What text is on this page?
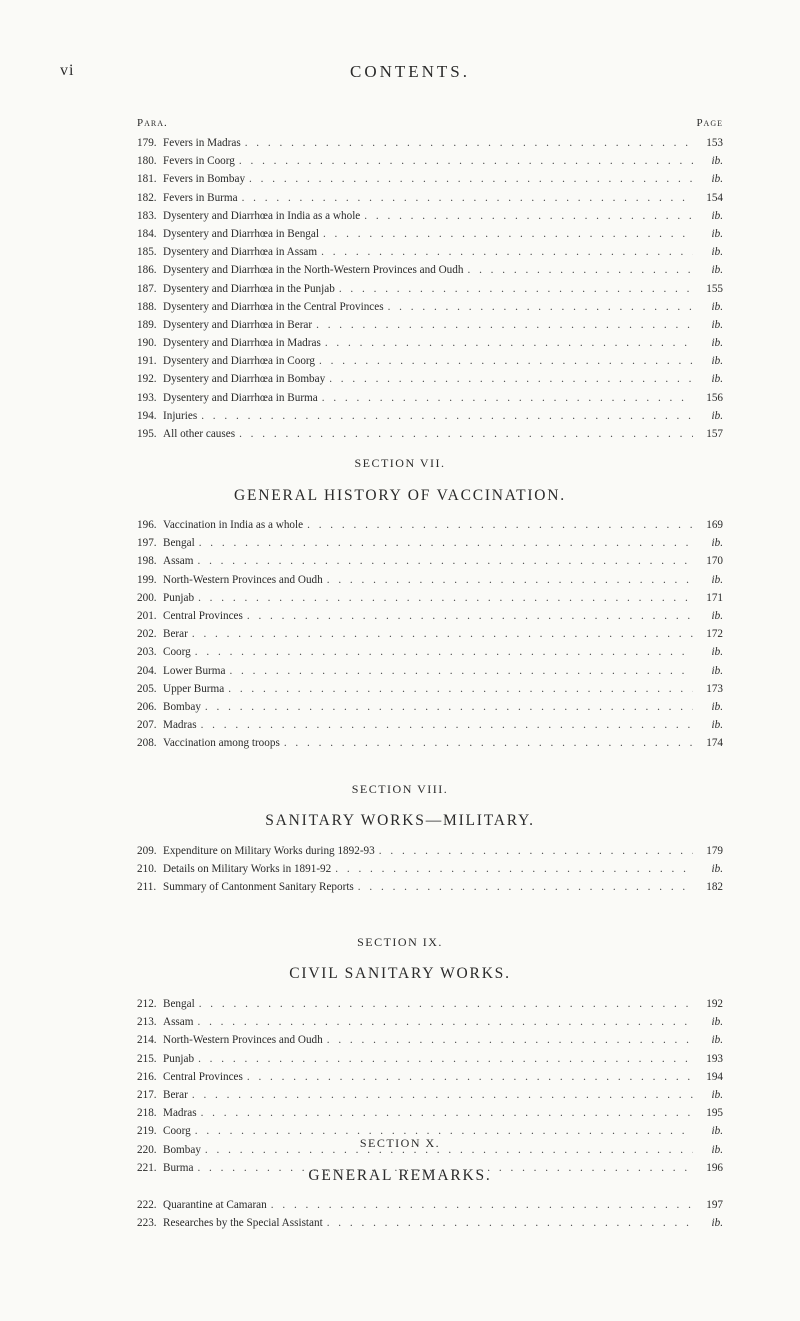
vi	CONTENTS.
Para.	Page
179. Fevers in Madras . . .	153
180. Fevers in Coorg . . .	ib.
181. Fevers in Bombay . . .	ib.
182. Fevers in Burma . . .	154
183. Dysentery and Diarrhœa in India as a whole . . .	ib.
184. Dysentery and Diarrhœa in Bengal . . .	ib.
185. Dysentery and Diarrhœa in Assam . . .	ib.
186. Dysentery and Diarrhœa in the North-Western Provinces and Oudh . . .	ib.
187. Dysentery and Diarrhœa in the Punjab . . .	155
188. Dysentery and Diarrhœa in the Central Provinces . . .	ib.
189. Dysentery and Diarrhœa in Berar . . .	ib.
190. Dysentery and Diarrhœa in Madras . . .	ib.
191. Dysentery and Diarrhœa in Coorg . . .	ib.
192. Dysentery and Diarrhœa in Bombay . . .	ib.
193. Dysentery and Diarrhœa in Burma . . .	156
194. Injuries . . .	ib.
195. All other causes . . .	157
SECTION VII.
GENERAL HISTORY OF VACCINATION.
196. Vaccination in India as a whole . . .	169
197. Bengal . . .	ib.
198. Assam . . .	170
199. North-Western Provinces and Oudh . . .	ib.
200. Punjab . . .	171
201. Central Provinces . . .	ib.
202. Berar . . .	172
203. Coorg . . .	ib.
204. Lower Burma . . .	ib.
205. Upper Burma . . .	173
206. Bombay . . .	ib.
207. Madras . . .	ib.
208. Vaccination among troops . . .	174
SECTION VIII.
SANITARY WORKS—MILITARY.
209. Expenditure on Military Works during 1892-93 . . .	179
210. Details on Military Works in 1891-92 . . .	ib.
211. Summary of Cantonment Sanitary Reports . . .	182
SECTION IX.
CIVIL SANITARY WORKS.
212. Bengal . . .	192
213. Assam . . .	ib.
214. North-Western Provinces and Oudh . . .	ib.
215. Punjab . . .	193
216. Central Provinces . . .	194
217. Berar . . .	ib.
218. Madras . . .	195
219. Coorg . . .	ib.
220. Bombay . . .	ib.
221. Burma . . .	196
SECTION X.
GENERAL REMARKS.
222. Quarantine at Camaran . . .	197
223. Researches by the Special Assistant . . .	ib.
